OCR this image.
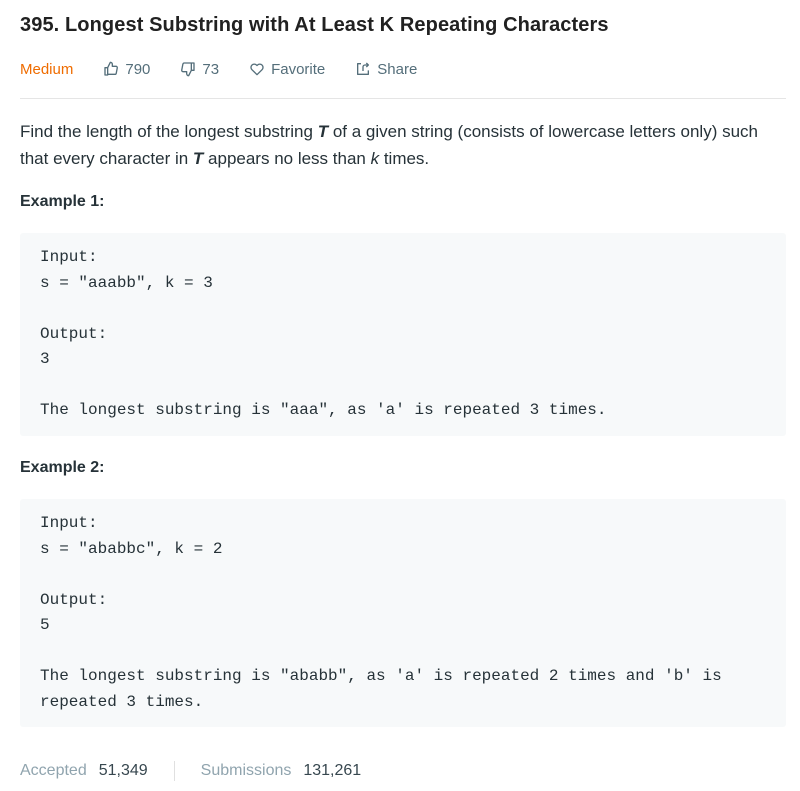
395. Longest Substring with At Least K Repeating Characters
Medium	790	73	Favorite	Share
Find the length of the longest substring T of a given string (consists of lowercase letters only) such that every character in T appears no less than k times.
Example 1:
Input:
s = "aaabb", k = 3

Output:
3

The longest substring is "aaa", as 'a' is repeated 3 times.
Example 2:
Input:
s = "ababbc", k = 2

Output:
5

The longest substring is "ababb", as 'a' is repeated 2 times and 'b' is
repeated 3 times.
Accepted 51,349	Submissions 131,261
